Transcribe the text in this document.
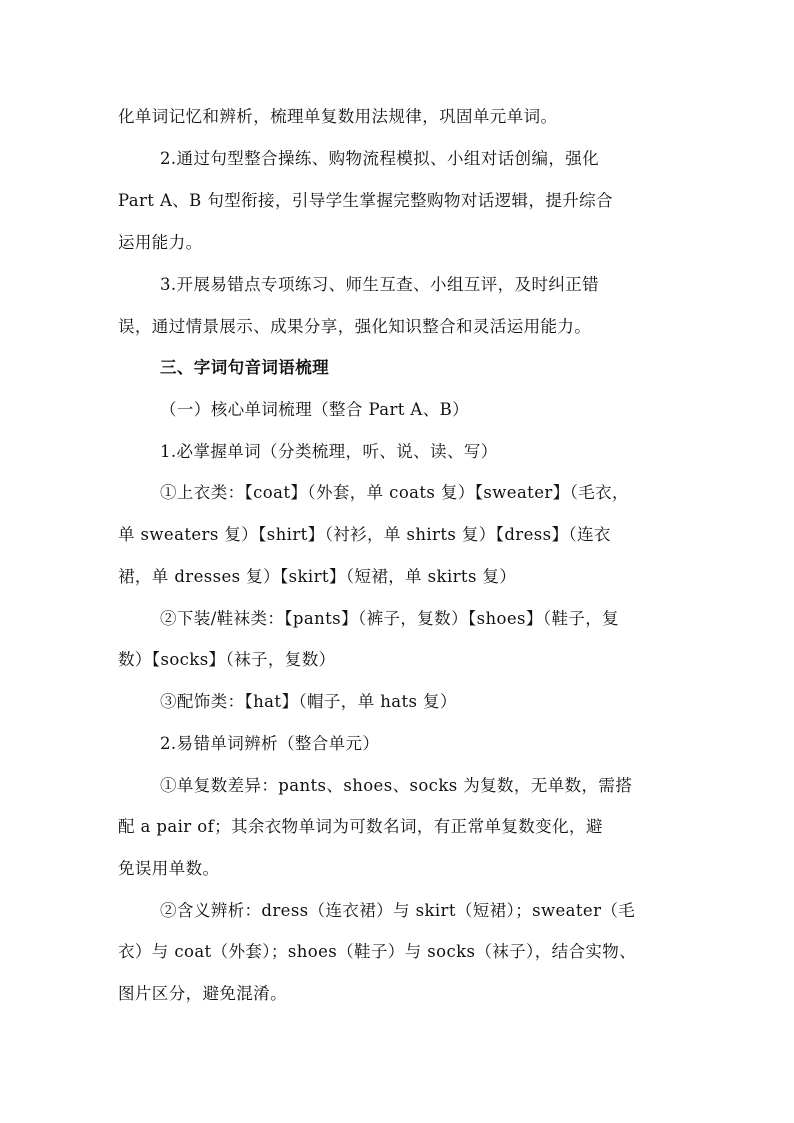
化单词记忆和辨析，梳理单复数用法规律，巩固单元单词。
2.通过句型整合操练、购物流程模拟、小组对话创编，强化
Part A、B 句型衔接，引导学生掌握完整购物对话逻辑，提升综合
运用能力。
3.开展易错点专项练习、师生互查、小组互评，及时纠正错
误，通过情景展示、成果分享，强化知识整合和灵活运用能力。
三、字词句音词语梳理
（一）核心单词梳理（整合 Part A、B）
1.必掌握单词（分类梳理，听、说、读、写）
①上衣类：【coat】（外套，单 coats 复）【sweater】（毛衣，
单 sweaters 复）【shirt】（衬衫，单 shirts 复）【dress】（连衣
裙，单 dresses 复）【skirt】（短裙，单 skirts 复）
②下装/鞋袜类：【pants】（裤子，复数）【shoes】（鞋子，复
数）【socks】（袜子，复数）
③配饰类：【hat】（帽子，单 hats 复）
2.易错单词辨析（整合单元）
①单复数差异：pants、shoes、socks 为复数，无单数，需搭
配 a pair of；其余衣物单词为可数名词，有正常单复数变化，避
免误用单数。
②含义辨析：dress（连衣裙）与 skirt（短裙）；sweater（毛
衣）与 coat（外套）；shoes（鞋子）与 socks（袜子），结合实物、
图片区分，避免混淆。
